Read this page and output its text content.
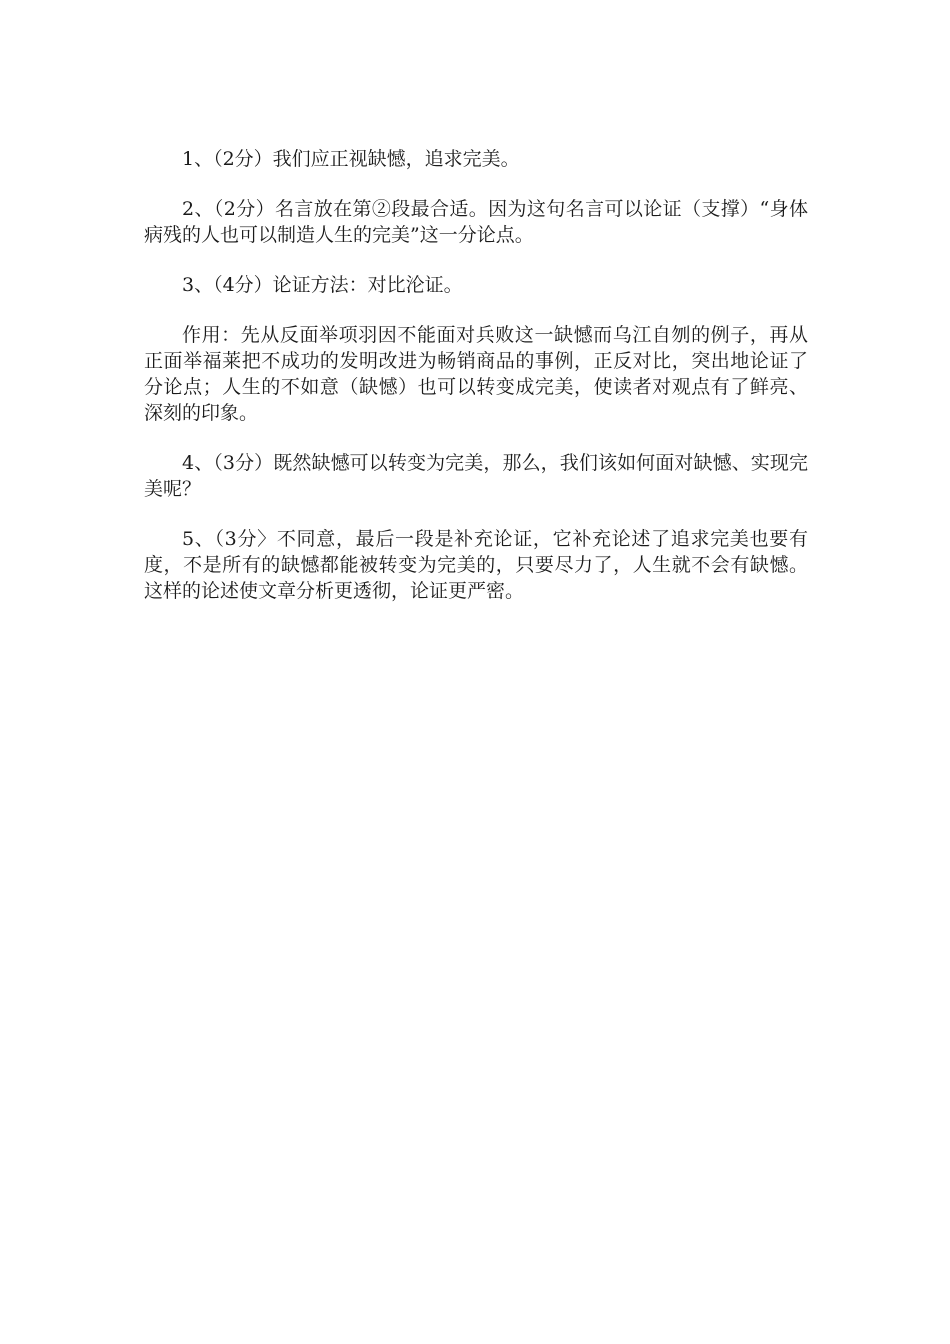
1、（2分）我们应正视缺憾，追求完美。

2、（2分）名言放在第②段最合适。因为这句名言可以论证（支撑）“身体病残的人也可以制造人生的完美”这一分论点。

3、（4分）论证方法：对比沦证。

作用：先从反面举项羽因不能面对兵败这一缺憾而乌江自刎的例子，再从正面举福莱把不成功的发明改进为畅销商品的事例，正反对比，突出地论证了分论点；人生的不如意（缺憾）也可以转变成完美，使读者对观点有了鲜亮、深刻的印象。

4、（3分）既然缺憾可以转变为完美，那么，我们该如何面对缺憾、实现完美呢？

5、（3分〉不同意，最后一段是补充论证，它补充论述了追求完美也要有度，不是所有的缺憾都能被转变为完美的，只要尽力了，人生就不会有缺憾。这样的论述使文章分析更透彻，论证更严密。
